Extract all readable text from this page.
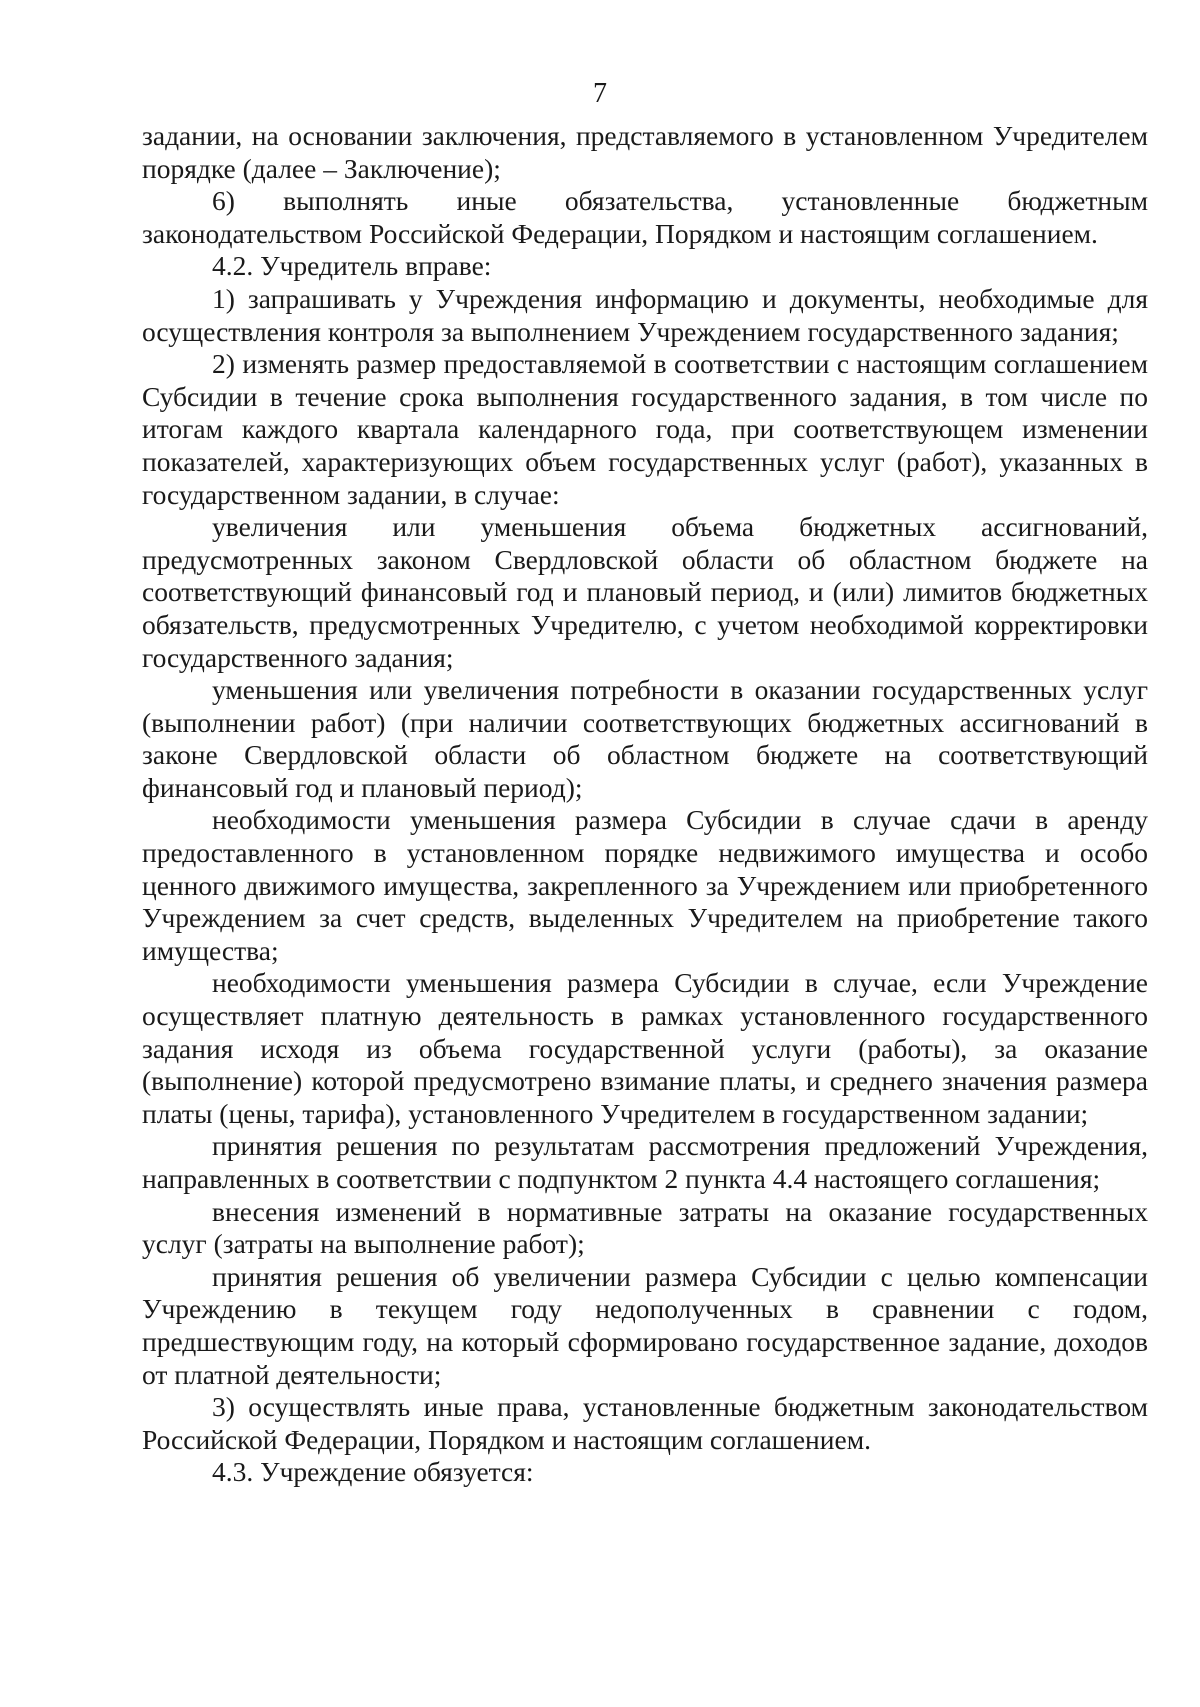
7

задании, на основании заключения, представляемого в установленном Учредителем порядке (далее – Заключение);

6) выполнять иные обязательства, установленные бюджетным законодательством Российской Федерации, Порядком и настоящим соглашением.

4.2. Учредитель вправе:

1) запрашивать у Учреждения информацию и документы, необходимые для осуществления контроля за выполнением Учреждением государственного задания;

2) изменять размер предоставляемой в соответствии с настоящим соглашением Субсидии в течение срока выполнения государственного задания, в том числе по итогам каждого квартала календарного года, при соответствующем изменении показателей, характеризующих объем государственных услуг (работ), указанных в государственном задании, в случае:

увеличения или уменьшения объема бюджетных ассигнований, предусмотренных законом Свердловской области об областном бюджете на соответствующий финансовый год и плановый период, и (или) лимитов бюджетных обязательств, предусмотренных Учредителю, с учетом необходимой корректировки государственного задания;

уменьшения или увеличения потребности в оказании государственных услуг (выполнении работ) (при наличии соответствующих бюджетных ассигнований в законе Свердловской области об областном бюджете на соответствующий финансовый год и плановый период);

необходимости уменьшения размера Субсидии в случае сдачи в аренду предоставленного в установленном порядке недвижимого имущества и особо ценного движимого имущества, закрепленного за Учреждением или приобретенного Учреждением за счет средств, выделенных Учредителем на приобретение такого имущества;

необходимости уменьшения размера Субсидии в случае, если Учреждение осуществляет платную деятельность в рамках установленного государственного задания исходя из объема государственной услуги (работы), за оказание (выполнение) которой предусмотрено взимание платы, и среднего значения размера платы (цены, тарифа), установленного Учредителем в государственном задании;

принятия решения по результатам рассмотрения предложений Учреждения, направленных в соответствии с подпунктом 2 пункта 4.4 настоящего соглашения;

внесения изменений в нормативные затраты на оказание государственных услуг (затраты на выполнение работ);

принятия решения об увеличении размера Субсидии с целью компенсации Учреждению в текущем году недополученных в сравнении с годом, предшествующим году, на который сформировано государственное задание, доходов от платной деятельности;

3) осуществлять иные права, установленные бюджетным законодательством Российской Федерации, Порядком и настоящим соглашением.

4.3. Учреждение обязуется:
